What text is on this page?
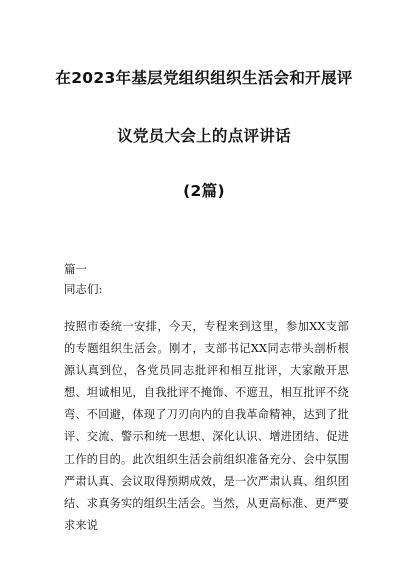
在2023年基层党组织组织生活会和开展评
议党员大会上的点评讲话
(2篇)
篇一
同志们:
按照市委统一安排，今天，专程来到这里，参加XX支部的专题组织生活会。刚才，支部书记XX同志带头剖析根源认真到位，各党员同志批评和相互批评，大家敞开思想、坦诚相见，自我批评不掩饰、不遮丑，相互批评不绕弯、不回避，体现了刀刃向内的自我革命精神，达到了批评、交流、警示和统一思想、深化认识、增进团结、促进工作的目的。此次组织生活会前组织准备充分、会中氛围严肃认真、会议取得预期成效，是一次严肃认真、组织团结、求真务实的组织生活会。当然，从更高标准、更严要求来说
